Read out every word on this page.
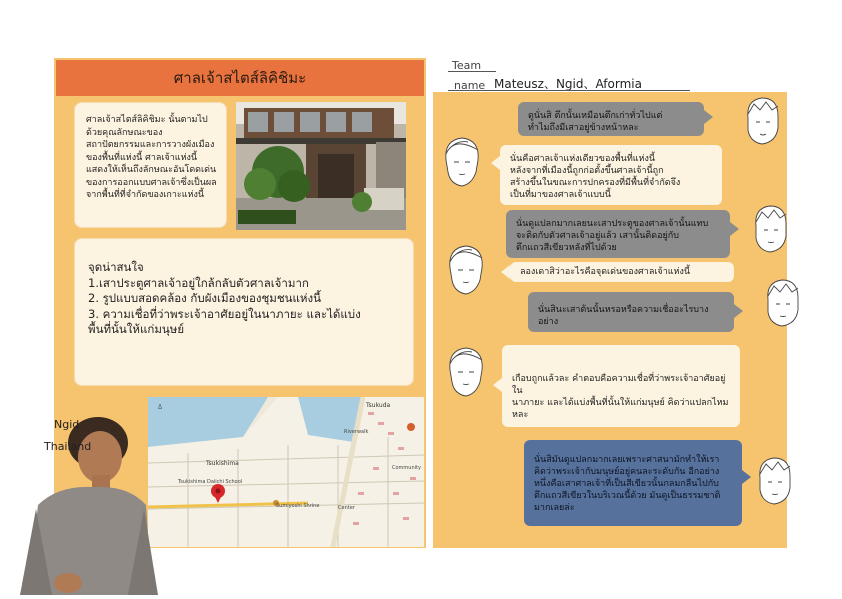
ศาลเจ้าสไตส์ลิคิชิมะ
ศาลเจ้าสไตส์ลิคิชิมะ นั้นตามไป
ด้วยคุณลักษณะของ
สถาปัตยกรรมและการวางผังเมือง
ของพื้นที่แห่งนี้ ศาลเจ้าแห่งนี้
แสดงให้เห็นถึงลักษณะอันโดดเด่น
ของการออกแบบศาลเจ้าซึ่งเป็นผล
จากพื้นที่ที่จำกัดของเกาะแห่งนี้
จุดน่าสนใจ
1.เสาประตูศาลเจ้าอยู่ใกล้กลับตัวศาลเจ้ามาก
2. รูปแบบสอดคล้อง กับผังเมืองของชุมชนแห่งนี้
3. ความเชื่อที่ว่าพระเจ้าอาศัยอยู่ในนาภายะ และได้แบ่ง
พื้นที่นั้นให้แก่มนุษย์
ᐃ	Tsukuda
Riverwalk
Tsukishima
Community
Tsukishima Daiichi School
Sumiyoshi Shrine	Center
Ngid
Thailand
Team
name Mateusz、Ngid、Aformia
ดูนั่นสิ ตึกนั้นเหมือนตึกเก่าทั่วไปแต่
ทำไมถึงมีเสาอยู่ข้างหน้าหละ
นั่นคือศาลเจ้าแห่งเดียวของพื้นที่แห่งนี้
หลังจากที่เมืองนี้ถูกก่อตั้งขึ้นศาลเจ้านี้ถูก
สร้างขึ้นในขณะการปกครองที่มีพื้นที่จำกัดจึง
เป็นที่มาของศาลเจ้าแบบนี้
นั่นดูแปลกมากเลยนะเสาประตูของศาลเจ้านั้นแทบ
จะติดกับตัวศาลเจ้าอยู่แล้ว เสานั้นติดอยู่กับ
ตึกแถวสีเขียวหลังที่ไปด้วย
ลองเดาสิว่าอะไรคือจุดเด่นของศาลเจ้าแห่งนี้
นั่นสินะเสาต้นนั้นหรอหรือความเชื่ออะไรบางอย่าง
เกือบถูกแล้วละ คำตอบคือความเชื่อที่ว่าพระเจ้าอาศัยอยู่ใน
นาภายะ และได้แบ่งพื้นที่นั้นให้แก่มนุษย์ คิดว่าแปลกไหมหละ
นั่นสิมันดูแปลกมากเลยเพราะศาสนามักทำให้เรา
คิดว่าพระเจ้ากับมนุษย์อยู่คนละระดับกัน อีกอย่าง
หนึ่งคือเสาศาลเจ้าที่เป็นสีเขียวนั้นกลมกลืนไปกับ
ตึกแถวสีเขียวในบริเวณนี้ด้วย มันดูเป็นธรรมชาติ
มากเลยล่ะ
